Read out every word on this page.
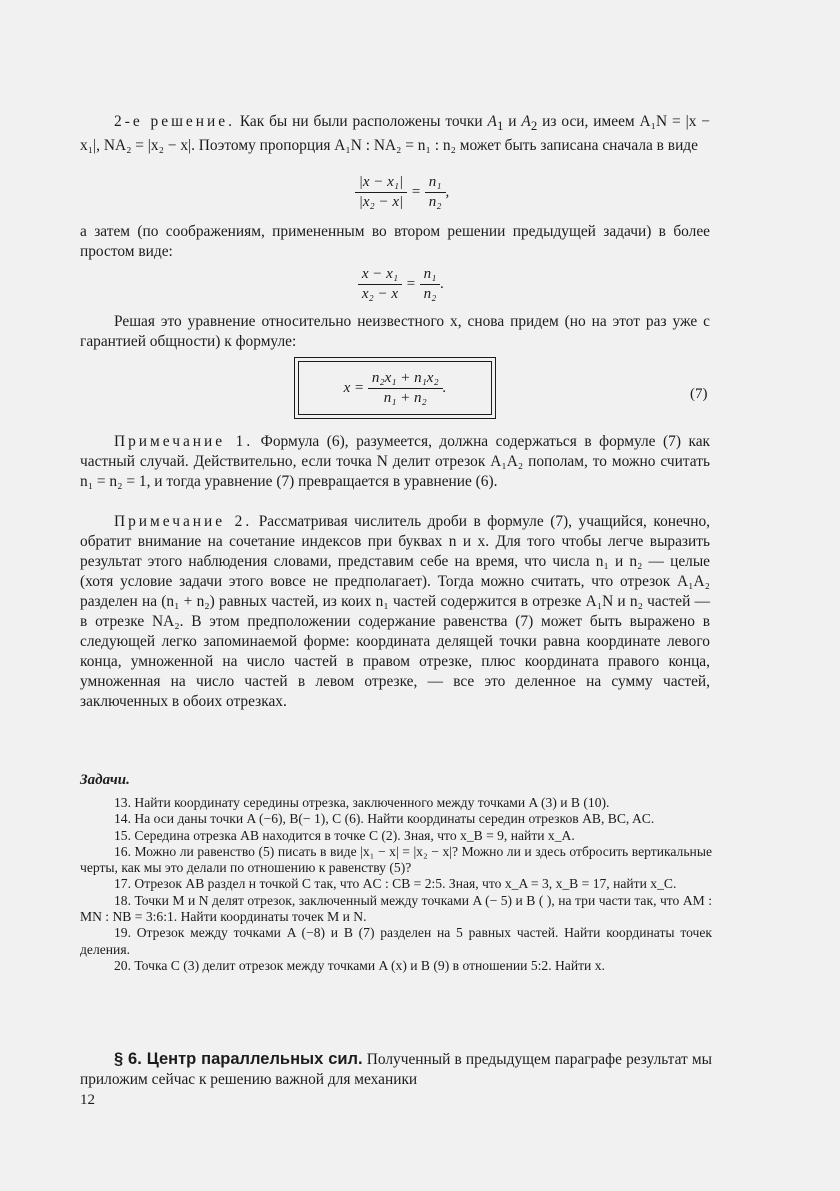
2-е решение. Как бы ни были расположены точки $A_1$ и $A_2$ из оси, имеем A₁N = |x − x₁|, NA₂ = |x₂ − x|. Поэтому пропорция A₁N : NA₂ = n₁ : n₂ может быть записана сначала в виде
$\frac{\text{|x − x₁|}}{\text{|x₂ − x|}} = \frac{\text{n₁}}{\text{n₂}}$ ,
а затем (по соображениям, примененным во втором решении предыдущей задачи) в более простом виде:
$\frac{\text{x − x₁}}{\text{x₂ − x}} = \frac{\text{n₁}}{\text{n₂}}$ .
Решая это уравнение относительно неизвестного x, снова придем (но на этот раз уже с гарантией общности) к формуле:
x =
$\frac{\text{n₂x₁ + n₁x₂}}{\text{n₁ + n₂}}$ .	(7)
Примечание 1. Формула (6), разумеется, должна содержаться в формуле (7) как частный случай. Действительно, если точка N делит отрезок A₁A₂ пополам, то можно считать n₁ = n₂ = 1, и тогда уравнение (7) превращается в уравнение (6).
Примечание 2. Рассматривая числитель дроби в формуле (7), учащийся, конечно, обратит внимание на сочетание индексов при буквах n и x. Для того чтобы легче выразить результат этого наблюдения словами, представим себе на время, что числа n₁ и n₂ — целые (хотя условие задачи этого вовсе не предполагает). Тогда можно считать, что отрезок A₁A₂ разделен на (n₁ + n₂) равных частей, из коих n₁ частей содержится в отрезке A₁N и n₂ частей — в отрезке NA₂. В этом предположении содержание равенства (7) может быть выражено в следующей легко запоминаемой форме: координата делящей точки равна координате левого конца, умноженной на число частей в правом отрезке, плюс координата правого конца, умноженная на число частей в левом отрезке, — все это деленное на сумму частей, заключенных в обоих отрезках.
Задачи.

13. Найти координату середины отрезка, заключенного между точками A (3) и B (10).

14. На оси даны точки A (−6), B(− 1), C (6). Найти координаты середин отрезков AB, BC, AC.

15. Середина отрезка AB находится в точке C (2). Зная, что x_B = 9, найти x_A.

16. Можно ли равенство (5) писать в виде |x₁ − x| = |x₂ − x|? Можно ли и здесь отбросить вертикальные черты, как мы это делали по отношению к равенству (5)?

17. Отрезок AB раздел н точкой C так, что AC : CB = 2:5. Зная, что x_A = 3, x_B = 17, найти x_C.

18. Точки M и N делят отрезок, заключенный между точками A (− 5) и B ( ), на три части так, что AM : MN : NB = 3:6:1. Найти координаты точек M и N.

19. Отрезок между точками A (−8) и B (7) разделен на 5 равных частей. Найти координаты точек деления.

20. Точка C (3) делит отрезок между точками A (x) и B (9) в отношении 5:2. Найти x.

§ 6. Центр параллельных сил. Полученный в предыдущем параграфе результат мы приложим сейчас к решению важной для механики
12
